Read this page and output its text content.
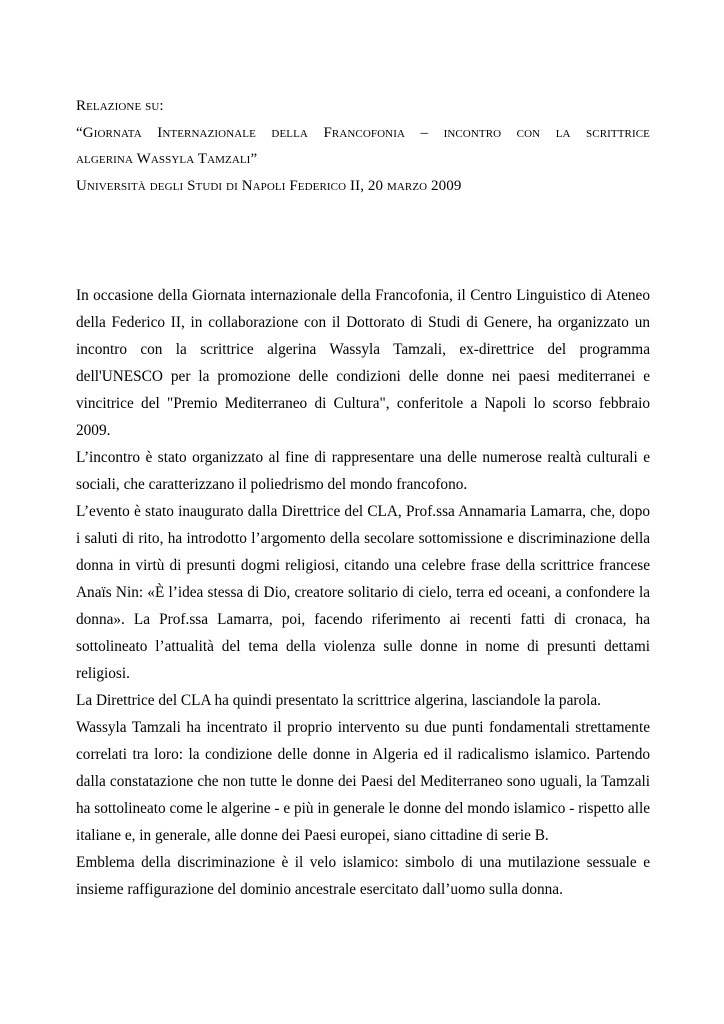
Relazione su:

“Giornata Internazionale della Francofonia – incontro con la scrittrice

algerina Wassyla Tamzali”

Università degli Studi di Napoli Federico II, 20 marzo 2009

In occasione della Giornata internazionale della Francofonia, il Centro Linguistico di Ateneo della Federico II, in collaborazione con il Dottorato di Studi di Genere, ha organizzato un incontro con la scrittrice algerina Wassyla Tamzali, ex-direttrice del programma dell'UNESCO per la promozione delle condizioni delle donne nei paesi mediterranei e vincitrice del "Premio Mediterraneo di Cultura", conferitole a Napoli lo scorso febbraio 2009.

L’incontro è stato organizzato al fine di rappresentare una delle numerose realtà culturali e sociali, che caratterizzano il poliedrismo del mondo francofono.

L’evento è stato inaugurato dalla Direttrice del CLA, Prof.ssa Annamaria Lamarra, che, dopo i saluti di rito, ha introdotto l’argomento della secolare sottomissione e discriminazione della donna in virtù di presunti dogmi religiosi, citando una celebre frase della scrittrice francese Anaïs Nin: «È l’idea stessa di Dio, creatore solitario di cielo, terra ed oceani, a confondere la donna». La Prof.ssa Lamarra, poi, facendo riferimento ai recenti fatti di cronaca, ha sottolineato l’attualità del tema della violenza sulle donne in nome di presunti dettami religiosi.

La Direttrice del CLA ha quindi presentato la scrittrice algerina, lasciandole la parola.

Wassyla Tamzali ha incentrato il proprio intervento su due punti fondamentali strettamente correlati tra loro: la condizione delle donne in Algeria ed il radicalismo islamico. Partendo dalla constatazione che non tutte le donne dei Paesi del Mediterraneo sono uguali, la Tamzali ha sottolineato come le algerine - e più in generale le donne del mondo islamico - rispetto alle italiane e, in generale, alle donne dei Paesi europei, siano cittadine di serie B.

Emblema della discriminazione è il velo islamico: simbolo di una mutilazione sessuale e insieme raffigurazione del dominio ancestrale esercitato dall’uomo sulla donna.
